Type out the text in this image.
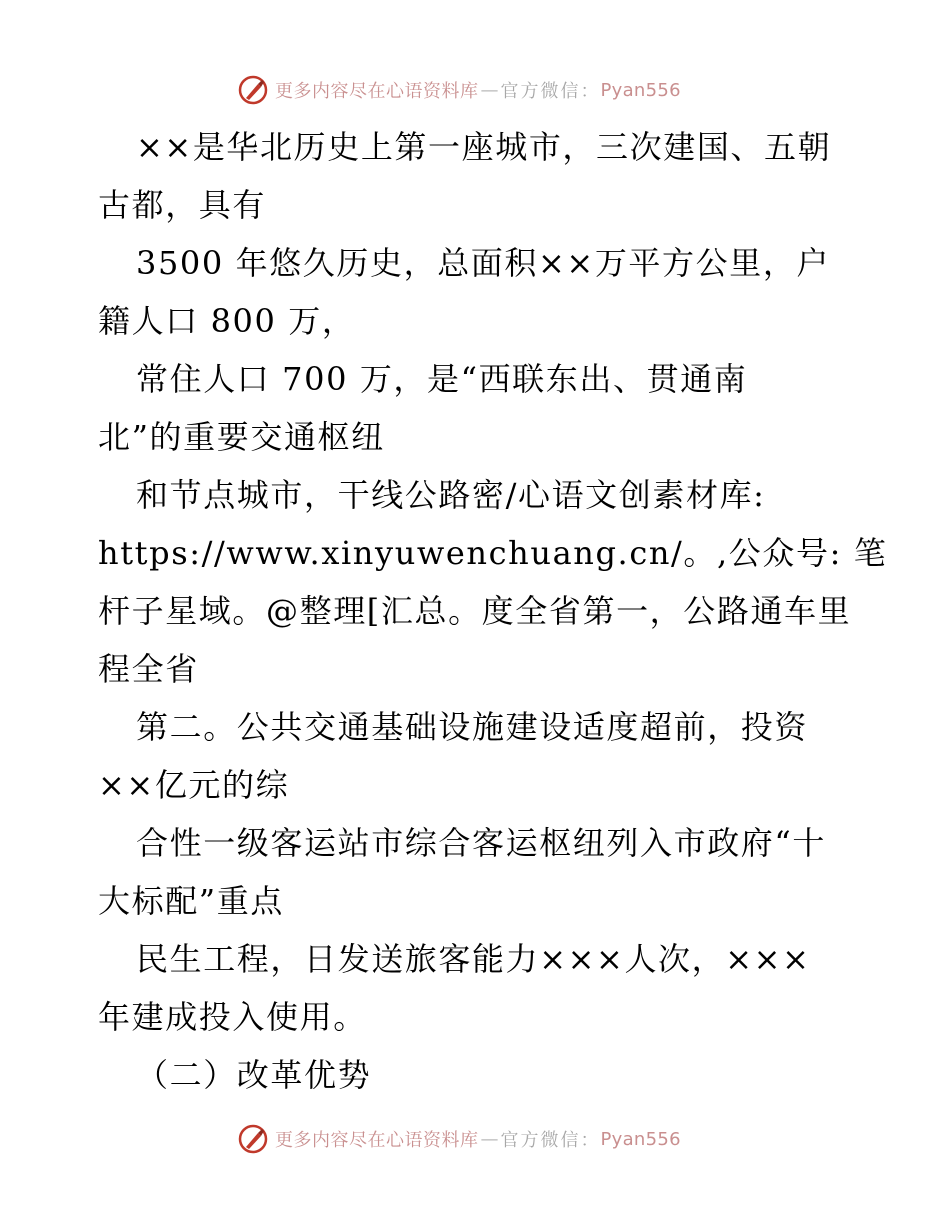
更多内容尽在心语资料库 — 官方微信： Pyan556
××是华北历史上第一座城市，三次建国、五朝
古都，具有
3500 年悠久历史，总面积××万平方公里，户
籍人口 800 万，
常住人口 700 万，是“西联东出、贯通南
北”的重要交通枢纽
和节点城市，干线公路密/心语文创素材库:
https://www.xinyuwenchuang.cn/。,公众号: 笔
杆子星域。@整理[汇总。度全省第一，公路通车里
程全省
第二。公共交通基础设施建设适度超前，投资
××亿元的综
合性一级客运站市综合客运枢纽列入市政府“十
大标配”重点
民生工程，日发送旅客能力×××人次，×××
年建成投入使用。
（二）改革优势
更多内容尽在心语资料库 — 官方微信： Pyan556
